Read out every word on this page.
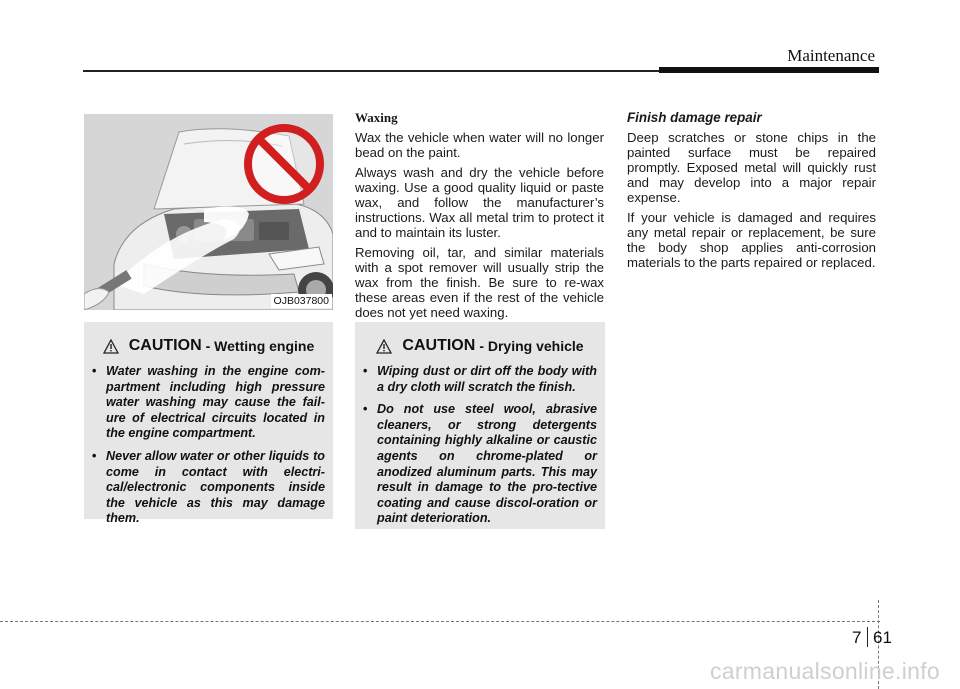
Maintenance
OJB037800
CAUTION - Wetting engine
• Water washing in the engine com-partment including high pressure water washing may cause the fail-ure of electrical circuits located in the engine compartment.
• Never allow water or other liquids to come in contact with electri-cal/electronic components inside the vehicle as this may damage them.

Waxing

Wax the vehicle when water will no longer bead on the paint.

Always wash and dry the vehicle before waxing. Use a good quality liquid or paste wax, and follow the manufacturer’s instructions. Wax all metal trim to protect it and to maintain its luster.

Removing oil, tar, and similar materials with a spot remover will usually strip the wax from the finish. Be sure to re-wax these areas even if the rest of the vehicle does not yet need waxing.

CAUTION - Drying vehicle
• Wiping dust or dirt off the body with a dry cloth will scratch the finish.
• Do not use steel wool, abrasive cleaners, or strong detergents containing highly alkaline or caustic agents on chrome-plated or anodized aluminum parts. This may result in damage to the pro-tective coating and cause discol-oration or paint deterioration.

Finish damage repair

Deep scratches or stone chips in the painted surface must be repaired promptly. Exposed metal will quickly rust and may develop into a major repair expense.

If your vehicle is damaged and requires any metal repair or replacement, be sure the body shop applies anti-corrosion materials to the parts repaired or replaced.

7 61
carmanualsonline.info
